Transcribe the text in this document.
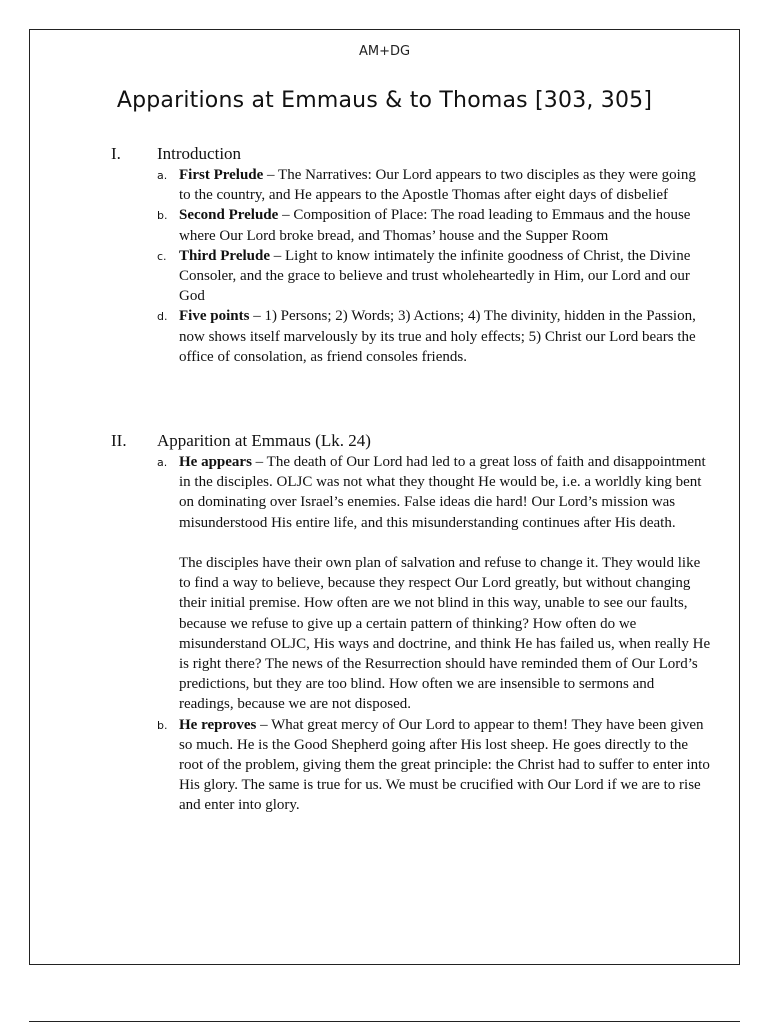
AM+DG
Apparitions at Emmaus & to Thomas [303, 305]
I. Introduction
a. First Prelude – The Narratives: Our Lord appears to two disciples as they were going to the country, and He appears to the Apostle Thomas after eight days of disbelief
b. Second Prelude – Composition of Place: The road leading to Emmaus and the house where Our Lord broke bread, and Thomas’ house and the Supper Room
c. Third Prelude – Light to know intimately the infinite goodness of Christ, the Divine Consoler, and the grace to believe and trust wholeheartedly in Him, our Lord and our God
d. Five points – 1) Persons; 2) Words; 3) Actions; 4) The divinity, hidden in the Passion, now shows itself marvelously by its true and holy effects; 5) Christ our Lord bears the office of consolation, as friend consoles friends.
II. Apparition at Emmaus (Lk. 24)
a. He appears – The death of Our Lord had led to a great loss of faith and disappointment in the disciples. OLJC was not what they thought He would be, i.e. a worldly king bent on dominating over Israel’s enemies. False ideas die hard! Our Lord’s mission was misunderstood His entire life, and this misunderstanding continues after His death.
The disciples have their own plan of salvation and refuse to change it. They would like to find a way to believe, because they respect Our Lord greatly, but without changing their initial premise. How often are we not blind in this way, unable to see our faults, because we refuse to give up a certain pattern of thinking? How often do we misunderstand OLJC, His ways and doctrine, and think He has failed us, when really He is right there? The news of the Resurrection should have reminded them of Our Lord’s predictions, but they are too blind. How often we are insensible to sermons and readings, because we are not disposed.
b. He reproves – What great mercy of Our Lord to appear to them! They have been given so much. He is the Good Shepherd going after His lost sheep. He goes directly to the root of the problem, giving them the great principle: the Christ had to suffer to enter into His glory. The same is true for us. We must be crucified with Our Lord if we are to rise and enter into glory.
